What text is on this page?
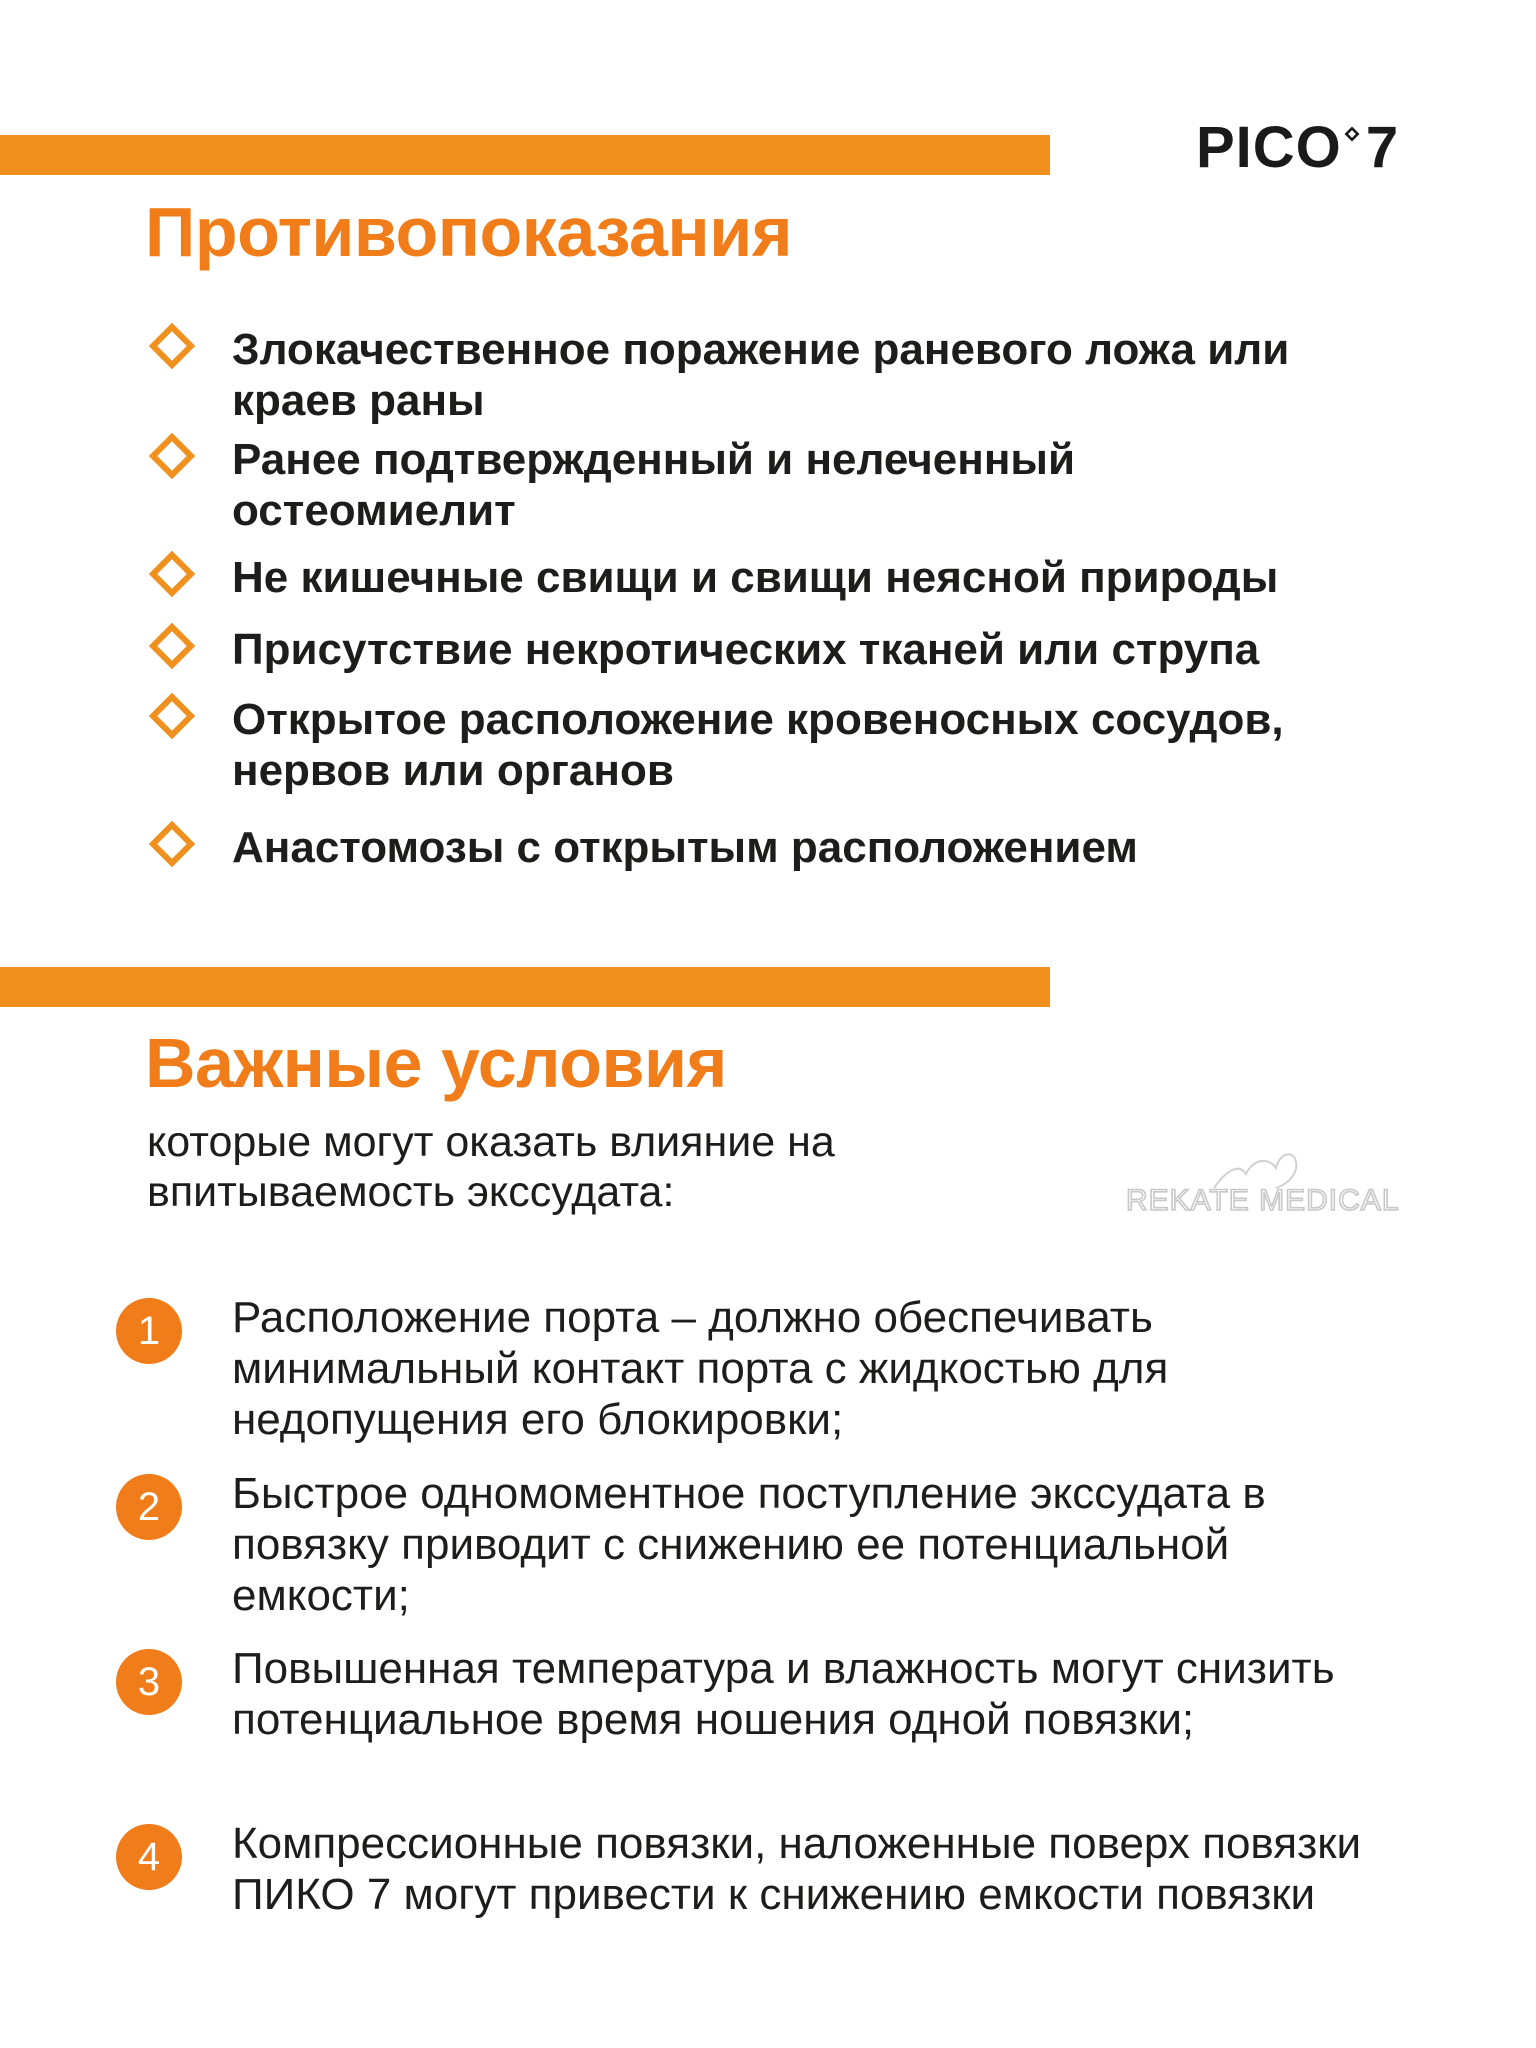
PICO 7
Противопоказания
Злокачественное поражение раневого ложа или краев раны
Ранее подтвержденный и нелеченный остеомиелит
Не кишечные свищи и свищи неясной природы
Присутствие некротических тканей или струпа
Открытое расположение кровеносных сосудов, нервов или органов
Анастомозы с открытым расположением
Важные условия
которые могут оказать влияние на впитываемость экссудата:	REKATE MEDICAL
1	Расположение порта – должно обеспечивать минимальный контакт порта с жидкостью для недопущения его блокировки;
2	Быстрое одномоментное поступление экссудата в повязку приводит с снижению ее потенциальной емкости;
3	Повышенная температура и влажность могут снизить потенциальное время ношения одной повязки;
4	Компрессионные повязки, наложенные поверх повязки ПИКО 7 могут привести к снижению емкости повязки
